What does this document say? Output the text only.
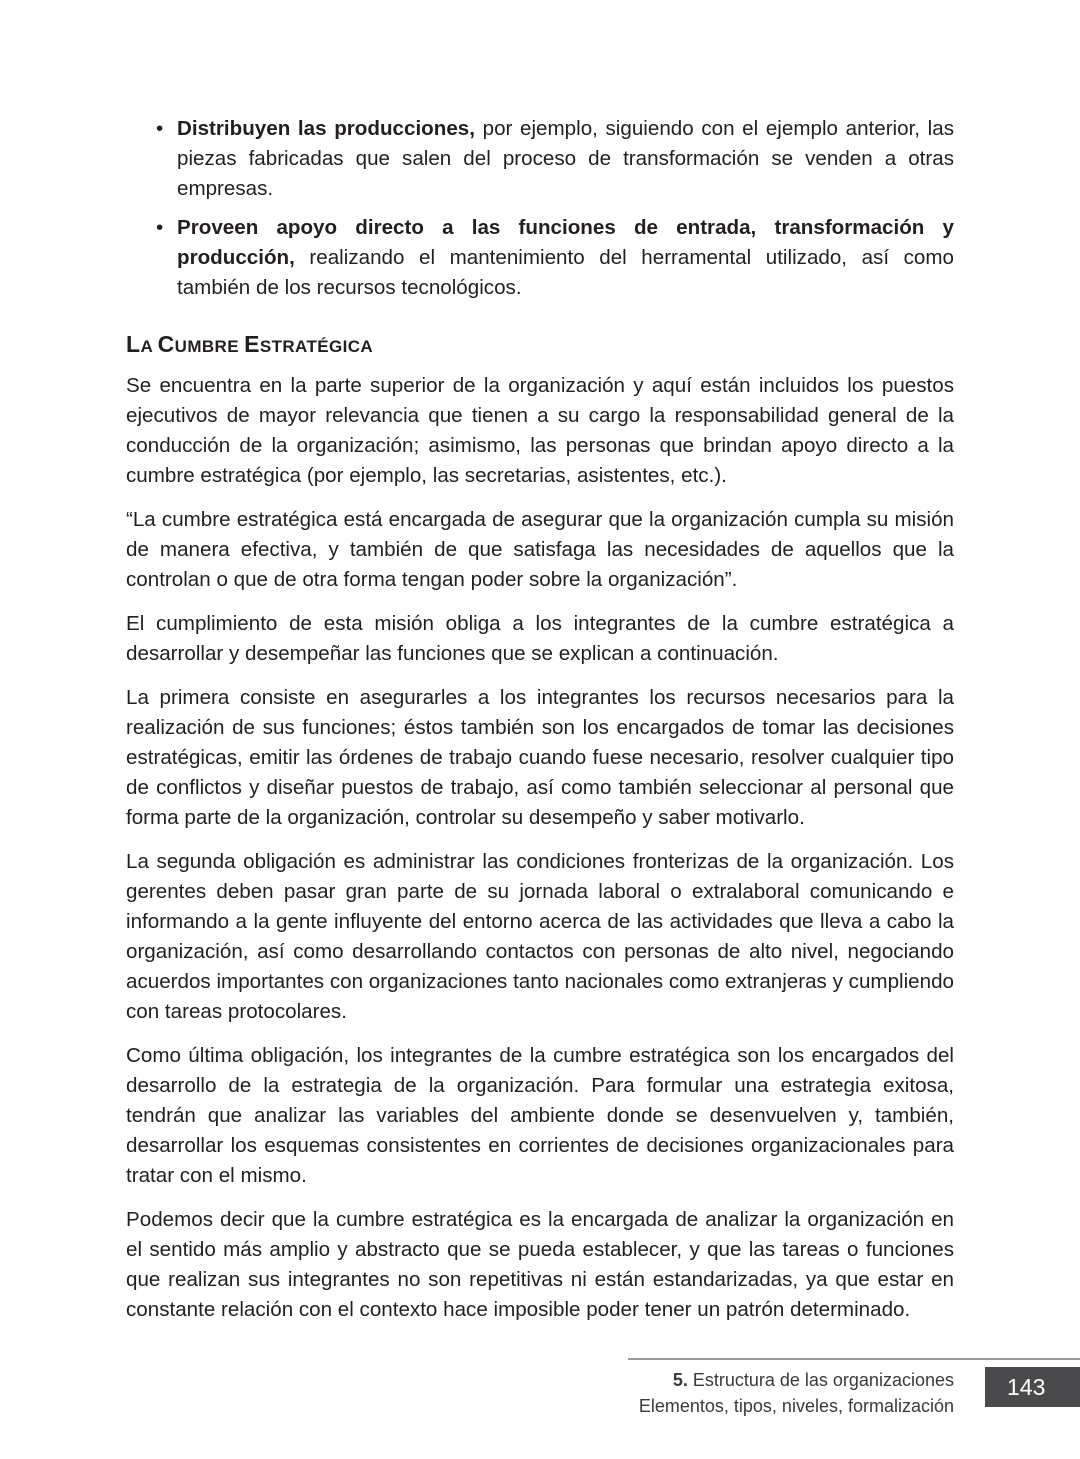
• Distribuyen las producciones, por ejemplo, siguiendo con el ejemplo anterior, las piezas fabricadas que salen del proceso de transformación se venden a otras empresas.
• Proveen apoyo directo a las funciones de entrada, transformación y producción, realizando el mantenimiento del herramental utilizado, así como también de los recursos tecnológicos.
LA CUMBRE ESTRATÉGICA

Se encuentra en la parte superior de la organización y aquí están incluidos los puestos ejecutivos de mayor relevancia que tienen a su cargo la responsabilidad general de la conducción de la organización; asimismo, las personas que brindan apoyo directo a la cumbre estratégica (por ejemplo, las secretarias, asistentes, etc.).

“La cumbre estratégica está encargada de asegurar que la organización cumpla su misión de manera efectiva, y también de que satisfaga las necesidades de aquellos que la controlan o que de otra forma tengan poder sobre la organización”.

El cumplimiento de esta misión obliga a los integrantes de la cumbre estratégica a desarrollar y desempeñar las funciones que se explican a continuación.

La primera consiste en asegurarles a los integrantes los recursos necesarios para la realización de sus funciones; éstos también son los encargados de tomar las decisiones estratégicas, emitir las órdenes de trabajo cuando fuese necesario, resolver cualquier tipo de conflictos y diseñar puestos de trabajo, así como también seleccionar al personal que forma parte de la organización, controlar su desempeño y saber motivarlo.

La segunda obligación es administrar las condiciones fronterizas de la organización. Los gerentes deben pasar gran parte de su jornada laboral o extralaboral comunicando e informando a la gente influyente del entorno acerca de las actividades que lleva a cabo la organización, así como desarrollando contactos con personas de alto nivel, negociando acuerdos importantes con organizaciones tanto nacionales como extranjeras y cumpliendo con tareas protocolares.

Como última obligación, los integrantes de la cumbre estratégica son los encargados del desarrollo de la estrategia de la organización. Para formular una estrategia exitosa, tendrán que analizar las variables del ambiente donde se desenvuelven y, también, desarrollar los esquemas consistentes en corrientes de decisiones organizacionales para tratar con el mismo.

Podemos decir que la cumbre estratégica es la encargada de analizar la organización en el sentido más amplio y abstracto que se pueda establecer, y que las tareas o funciones que realizan sus integrantes no son repetitivas ni están estandarizadas, ya que estar en constante relación con el contexto hace imposible poder tener un patrón determinado.

5. Estructura de las organizaciones
Elementos, tipos, niveles, formalización
143
